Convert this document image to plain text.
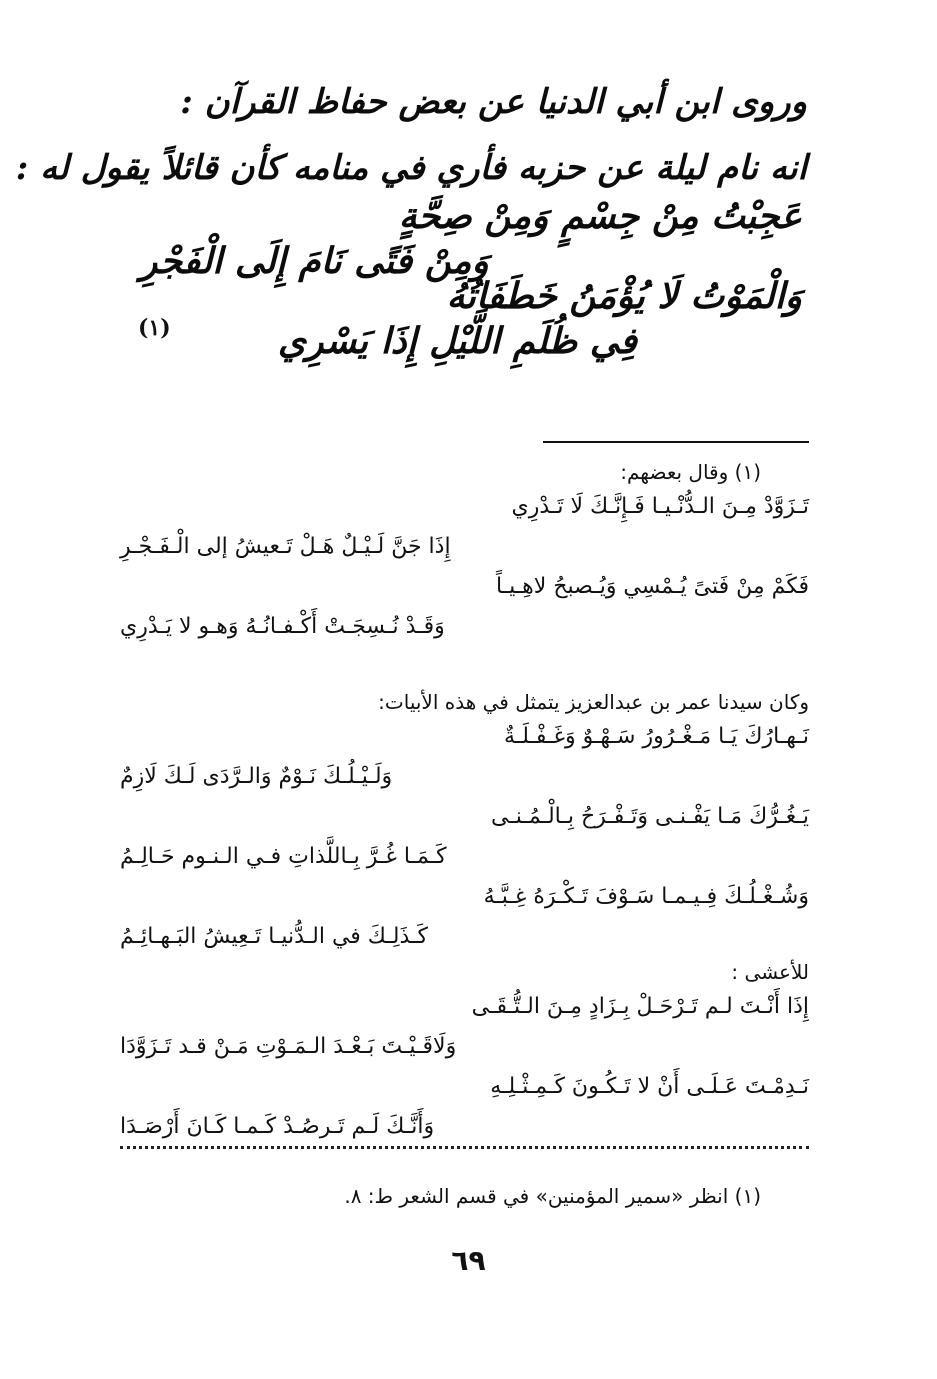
وروى ابن أبي الدنيا عن بعض حفاظ القرآن :
انه نام ليلة عن حزبه فأري في منامه كأن قائلاً يقول له :
عَجِبْتُ مِنْ جِسْمٍ وَمِنْ صِحَّةٍ
وَمِنْ فَتًى نَامَ إِلَى الْفَجْرِ
وَالْمَوْتُ لَا يُؤْمَنُ خَطَفَاتُهُ
فِي ظُلَمِ اللَّيْلِ إِذَا يَسْرِي
(١)
(١) وقال بعضهم:
تَـزَوَّدْ مِـنَ الـدُّنْـيـا فَـإِنَّـكَ لَا تَـدْرِي
إِذَا جَنَّ لَـيْـلٌ هَـلْ تَـعيشُ إلى الْـفَـجْـرِ
فَكَمْ مِنْ فَتىً يُـمْسِي وَيُـصبحُ لاهِـيـاً
وَقَـدْ نُـسِجَـتْ أَكْـفـانُـهُ وَهـو لا يَـدْرِي
وكان سيدنا عمر بن عبدالعزيز يتمثل في هذه الأبيات:
نَـهـارُكَ يَـا مَـغْـرُورُ سَـهْـوٌ وَغَـفْـلَـةٌ
وَلَـيْـلُـكَ نَـوْمٌ وَالـرَّدَى لَـكَ لَازِمٌ
يَـغُـرُّكَ مَـا يَفْـنـى وَتَـفْـرَحُ بِـالْـمُـنـى
كَـمَـا غُـرَّ بِـاللَّذاتِ فـي الـنـوم حَـالِـمُ
وَشُـغْـلُـكَ فِـيـمـا سَـوْفَ تَـكْـرَهُ غِـبَّـهُ
كَـذَلِـكَ في الـدُّنيـا تَـعِيشُ البَـهـائِـمُ
للأعشى :
إِذَا أَنْـتَ لـم تَـرْحَـلْ بِـزَادٍ مِـنَ الـتُّـقَـى
وَلَاقَـيْـتَ بَـعْـدَ الـمَـوْتِ مَـنْ قـد تَـزَوَّدَا
نَـدِمْـتَ عَـلَـى أَنْ لا تَـكُـونَ كَـمِـثْـلِـهِ
وَأَنَّـكَ لَـم تَـرصُـدْ كَـمـا كَـانَ أَرْصَـدَا
(١) انظر «سمير المؤمنين» في قسم الشعر ط: ٨.
٦٩
